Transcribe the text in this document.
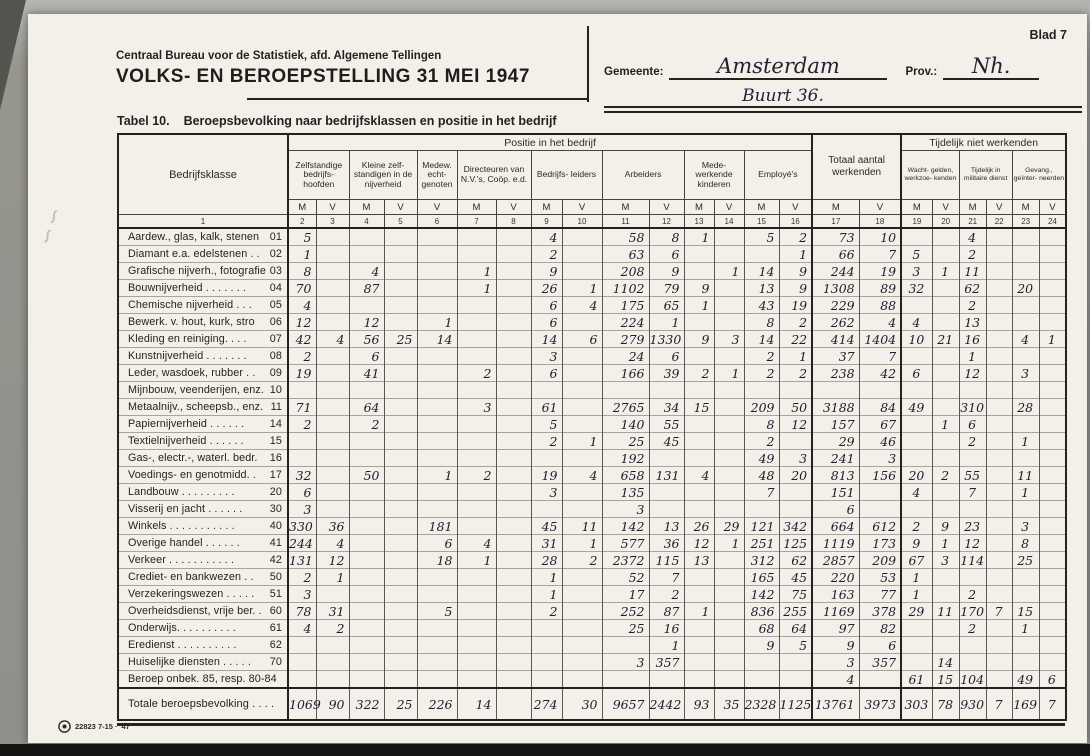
∽∽
Centraal Bureau voor de Statistiek, afd. Algemene Tellingen
VOLKS- EN BEROEPSTELLING 31 MEI 1947
Blad 7
Gemeente:	Amsterdam	Prov.:	Nh.
Buurt 36.
Tabel 10. Beroepsbevolking naar bedrijfsklassen en positie in het bedrijf
Bedrijfsklasse	Positie in het bedrijf															Totaal aantal werkenden		Tijdelijk niet werkenden					
	Zelfstandige bedrijfs- hoofden		Kleine zelf- standigen in de nijverheid		Medew. echt- genoten	Directeuren van N.V.'s, Coöp. e.d.		Bedrijfs- leiders		Arbeiders		Mede- werkende kinderen		Employé's				Wacht- gelden, werkzoe- kenden		Tijdelijk in militaire dienst		Gevang., geïnter- neerden	
	M	V	M	V	V	M	V	M	V	M	V	M	V	M	V	M	V	M	V	M	V	M	V
1	2	3	4	5	6	7	8	9	10	11	12	13	14	15	16	17	18	19	20	21	22	23	24

Aardew., glas, kalk, stenen 01	5							4		58	8	1		5	2	73	10			4			

Diamant e.a. edelstenen . . 02	1							2		63	6				1	66	7	5		2			

Grafische nijverh., fotografie 03	8		4			1		9		208	9		1	14	9	244	19	3	1	11			

Bouwnijverheid . . . . . . . 04	70		87			1		26	1	1102	79	9		13	9	1308	89	32		62		20	

Chemische nijverheid . . . 05	4							6	4	175	65	1		43	19	229	88			2			

Bewerk. v. hout, kurk, stro 06	12		12		1			6		224	1			8	2	262	4	4		13			

Kleding en reiniging. . . . 07	42	4	56	25	14			14	6	279	1330	9	3	14	22	414	1404	10	21	16		4	1

Kunstnijverheid . . . . . . . 08	2		6					3		24	6			2	1	37	7			1			

Leder, wasdoek, rubber . . 09	19		41			2		6		166	39	2	1	2	2	238	42	6		12		3	

Mijnbouw, veenderijen, enz. 10																							

Metaalnijv., scheepsb., enz. 11	71		64			3		61		2765	34	15		209	50	3188	84	49		310		28	

Papiernijverheid . . . . . . 14	2		2					5		140	55			8	12	157	67		1	6			

Textielnijverheid . . . . . . 15								2	1	25	45			2		29	46			2		1	

Gas-, electr.-, waterl. bedr. 16										192				49	3	241	3						

Voedings- en genotmidd. . 17	32		50		1	2		19	4	658	131	4		48	20	813	156	20	2	55		11	

Landbouw . . . . . . . . . 20	6							3		135				7		151		4		7		1	

Visserij en jacht . . . . . . 30	3									3						6							

Winkels . . . . . . . . . . . 40	330	36			181			45	11	142	13	26	29	121	342	664	612	2	9	23		3	

Overige handel . . . . . . 41	244	4			6	4		31	1	577	36	12	1	251	125	1119	173	9	1	12		8	

Verkeer . . . . . . . . . . . 42	131	12			18	1		28	2	2372	115	13		312	62	2857	209	67	3	114		25	

Crediet- en bankwezen . . 50	2	1						1		52	7			165	45	220	53	1					

Verzekeringswezen . . . . . 51	3							1		17	2			142	75	163	77	1		2			

Overheidsdienst, vrije ber. . 60	78	31			5			2		252	87	1		836	255	1169	378	29	11	170	7	15	

Onderwijs. . . . . . . . . . 61	4	2								25	16			68	64	97	82			2		1	

Eredienst . . . . . . . . . . 62											1			9	5	9	6						

Huiselijke diensten . . . . . 70										3	357					3	357		14				

Beroep onbek. 85, resp. 80-84																4		61	15	104		49	6

Totale beroepsbevolking . . . .	1069	90	322	25	226	14		274	30	9657	2442	93	35	2328	1125	13761	3973	303	78	930	7	169	7
22823 7-15 · '47
